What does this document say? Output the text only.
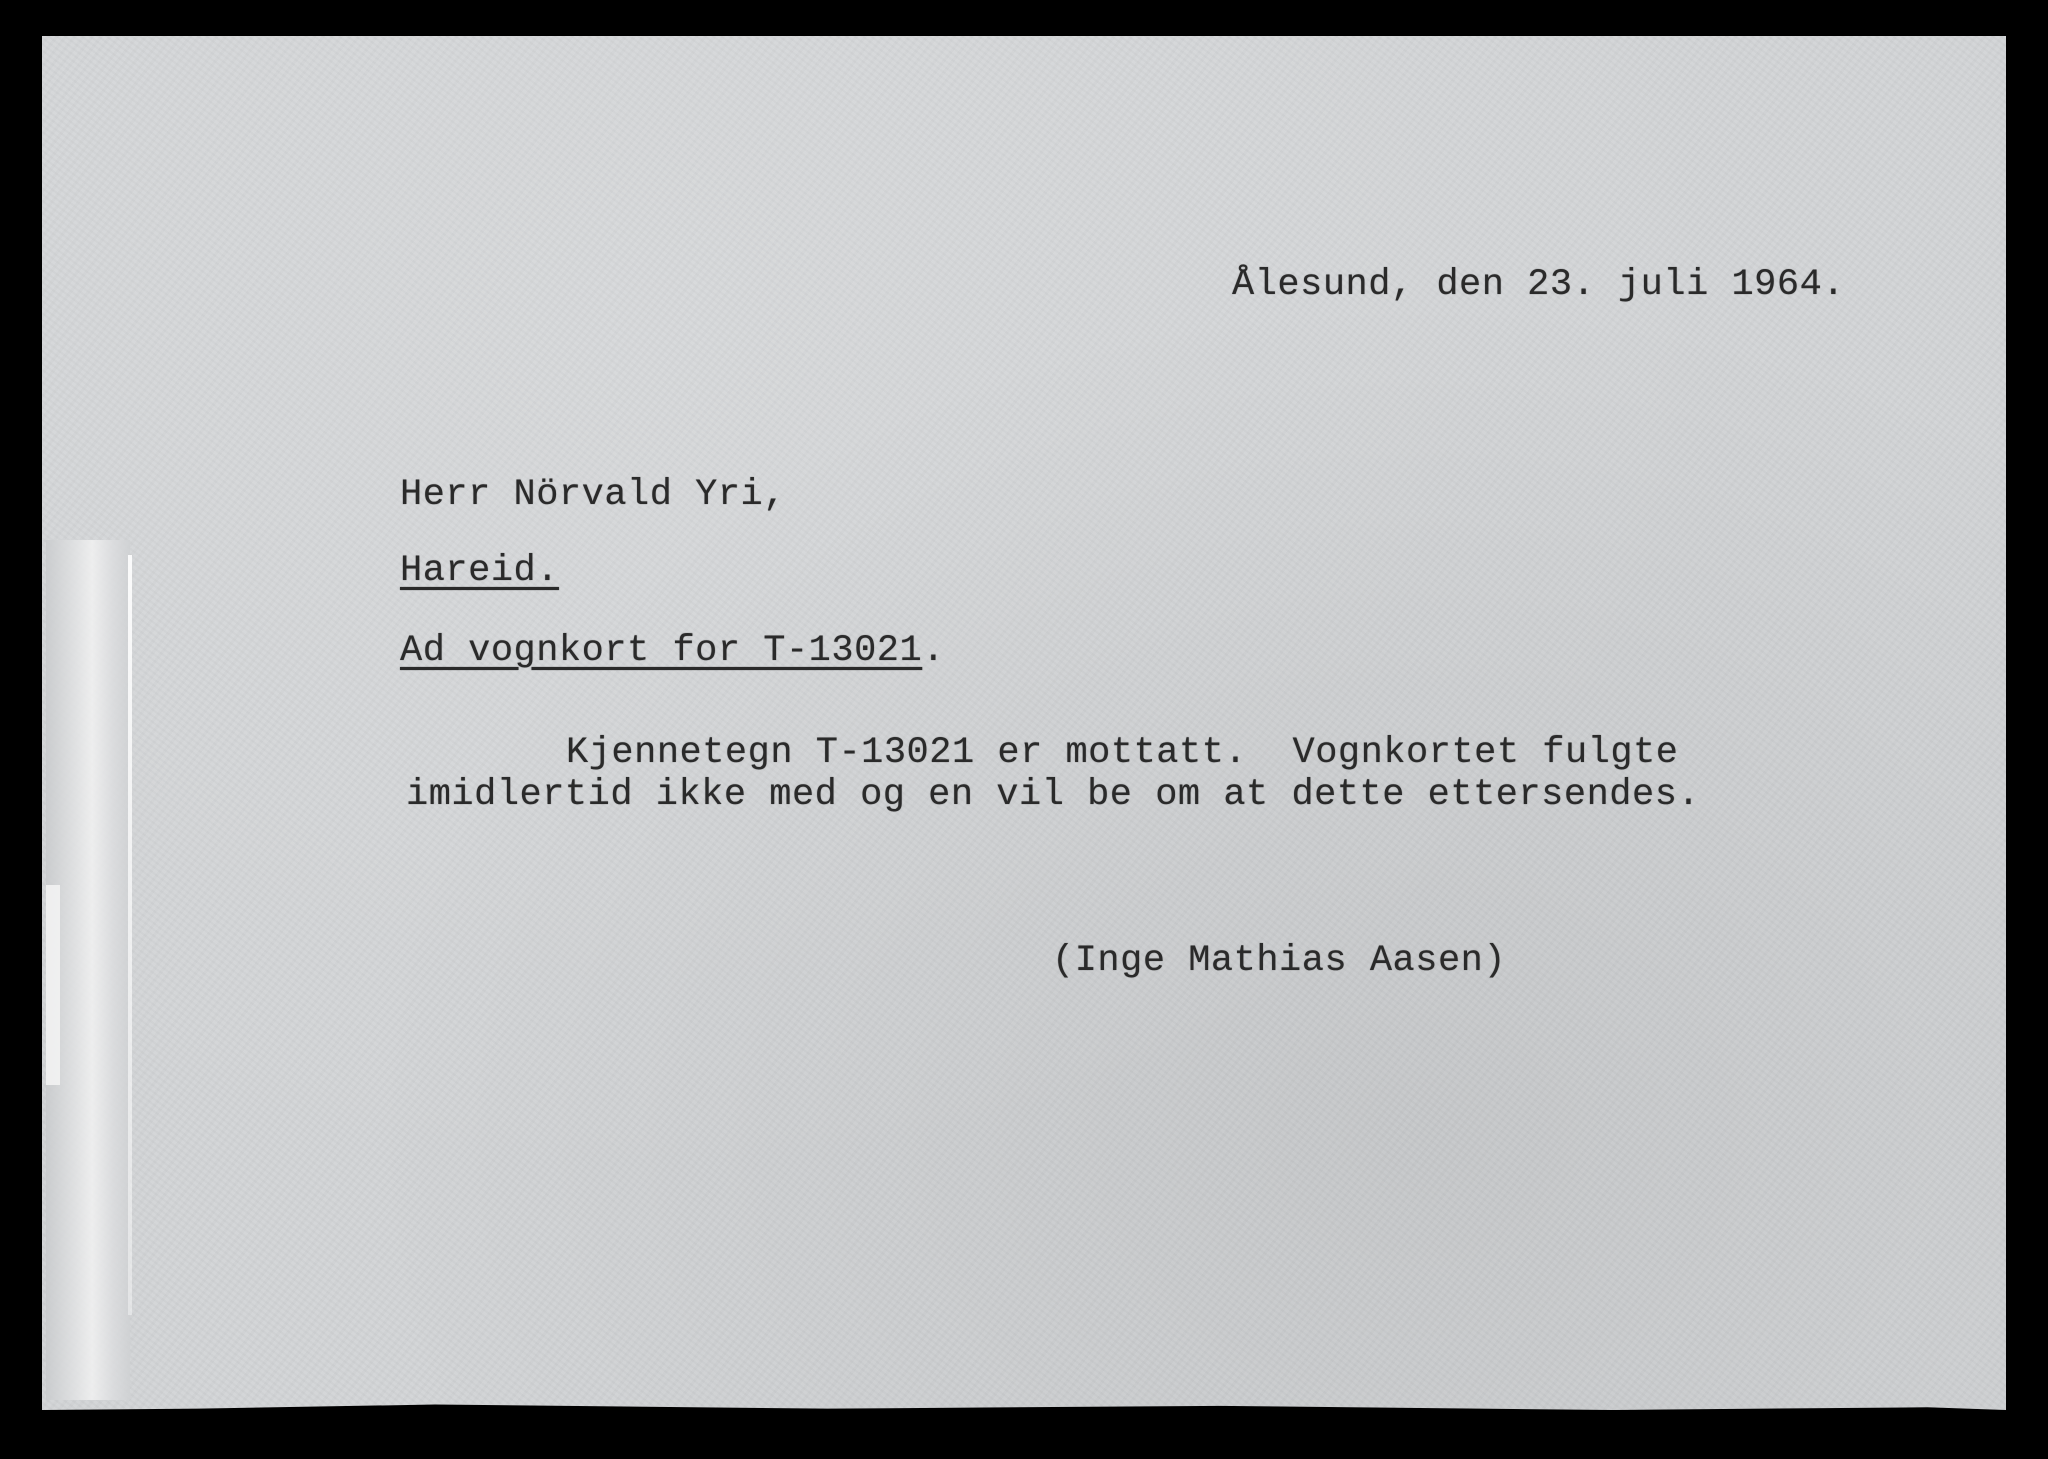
Ålesund, den 23. juli 1964.
Herr Nörvald Yri,
Hareid.
Ad vognkort for T-13021.
Kjennetegn T-13021 er mottatt.  Vognkortet fulgte
imidlertid ikke med og en vil be om at dette ettersendes.
(Inge Mathias Aasen)
